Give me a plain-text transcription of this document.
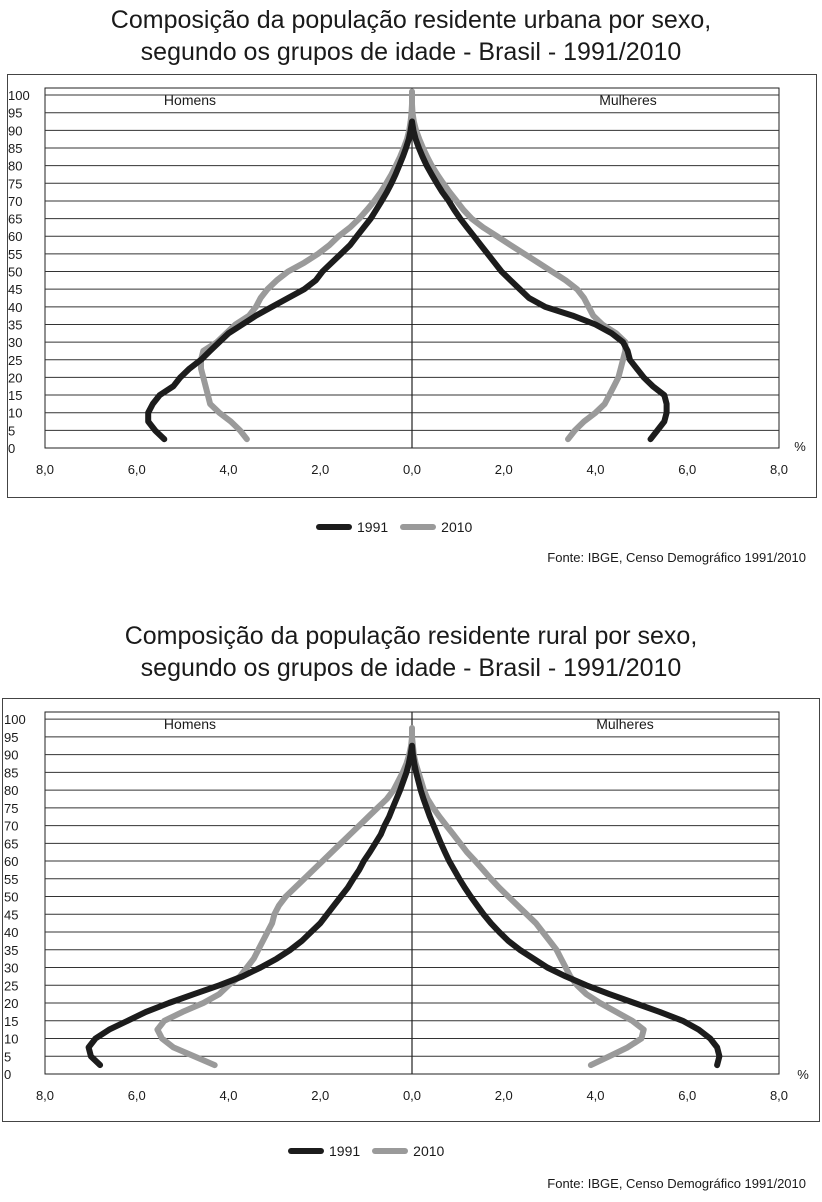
Composição da população residente urbana por sexo,
segundo os grupos de idade - Brasil - 1991/2010
0
5
10
15
20
25
30
35
40
45
50
55
60
65
70
75
80
85
90
95
100
8,0	6,0	4,0	2,0	0,0	2,0	4,0	6,0	8,0
%
Homens	Mulheres
1991	2010
Fonte: IBGE, Censo Demográfico 1991/2010
Composição da população residente rural por sexo,
segundo os grupos de idade - Brasil - 1991/2010
0
5
10
15
20
25
30
35
40
45
50
55
60
65
70
75
80
85
90
95
100
8,0	6,0	4,0	2,0	0,0	2,0	4,0	6,0	8,0
%
Homens	Mulheres
1991	2010
Fonte: IBGE, Censo Demográfico 1991/2010
